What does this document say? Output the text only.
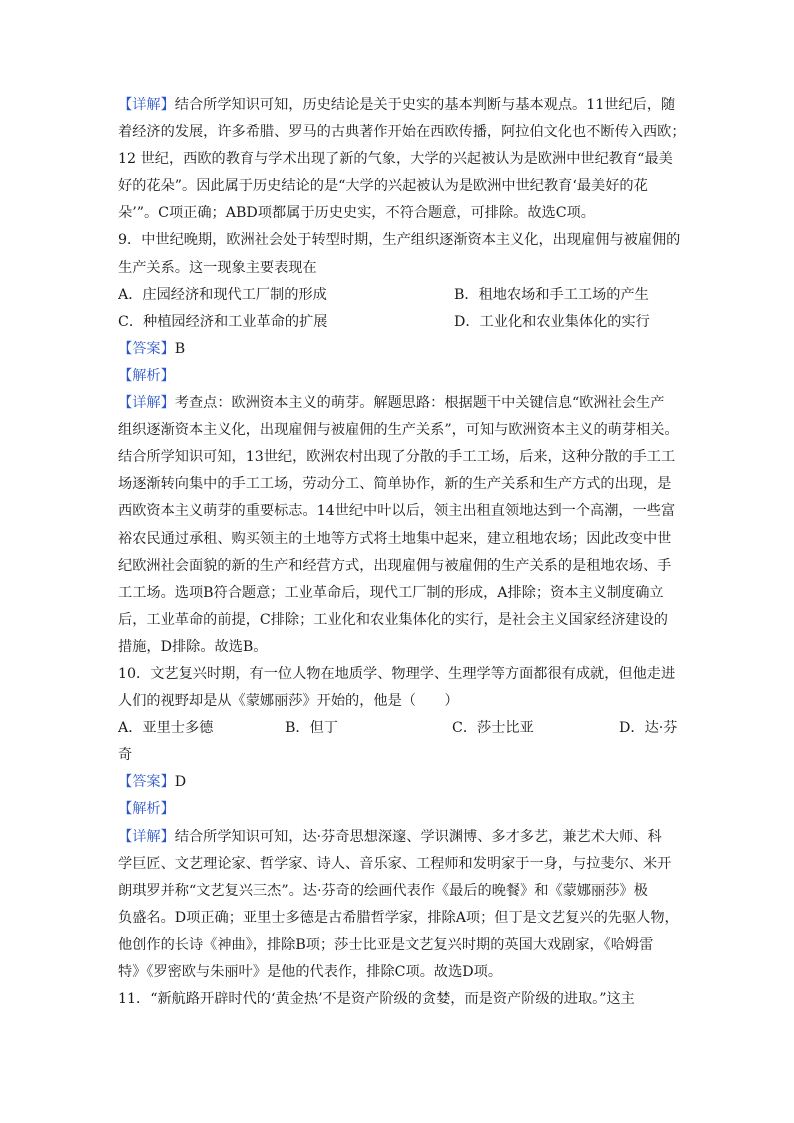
【详解】结合所学知识可知，历史结论是关于史实的基本判断与基本观点。11世纪后，随
着经济的发展，许多希腊、罗马的古典著作开始在西欧传播，阿拉伯文化也不断传入西欧；
12 世纪，西欧的教育与学术出现了新的气象，大学的兴起被认为是欧洲中世纪教育“最美
好的花朵”。因此属于历史结论的是“大学的兴起被认为是欧洲中世纪教育‘最美好的花
朵’”。C项正确；ABD项都属于历史史实，不符合题意，可排除。故选C项。
9．中世纪晚期，欧洲社会处于转型时期，生产组织逐渐资本主义化，出现雇佣与被雇佣的
生产关系。这一现象主要表现在
A．庄园经济和现代工厂制的形成	B．租地农场和手工工场的产生
C．种植园经济和工业革命的扩展	D．工业化和农业集体化的实行
【答案】B
【解析】
【详解】考查点：欧洲资本主义的萌芽。解题思路：根据题干中关键信息“欧洲社会生产
组织逐渐资本主义化，出现雇佣与被雇佣的生产关系”，可知与欧洲资本主义的萌芽相关。
结合所学知识可知，13世纪，欧洲农村出现了分散的手工工场，后来，这种分散的手工工
场逐渐转向集中的手工工场，劳动分工、简单协作，新的生产关系和生产方式的出现，是
西欧资本主义萌芽的重要标志。14世纪中叶以后，领主出租直领地达到一个高潮，一些富
裕农民通过承租、购买领主的土地等方式将土地集中起来，建立租地农场；因此改变中世
纪欧洲社会面貌的新的生产和经营方式，出现雇佣与被雇佣的生产关系的是租地农场、手
工工场。选项B符合题意；工业革命后，现代工厂制的形成，A排除；资本主义制度确立
后，工业革命的前提，C排除；工业化和农业集体化的实行，是社会主义国家经济建设的
措施，D排除。故选B。
10．文艺复兴时期，有一位人物在地质学、物理学、生理学等方面都很有成就，但他走进
人们的视野却是从《蒙娜丽莎》开始的，他是（　　）
A．亚里士多德	B．但丁	C．莎士比亚	D．达·芬
奇
【答案】D
【解析】
【详解】结合所学知识可知，达·芬奇思想深邃、学识渊博、多才多艺，兼艺术大师、科
学巨匠、文艺理论家、哲学家、诗人、音乐家、工程师和发明家于一身，与拉斐尔、米开
朗琪罗并称“文艺复兴三杰”。达·芬奇的绘画代表作《最后的晚餐》和《蒙娜丽莎》极
负盛名。D项正确；亚里士多德是古希腊哲学家，排除A项；但丁是文艺复兴的先驱人物，
他创作的长诗《神曲》，排除B项；莎士比亚是文艺复兴时期的英国大戏剧家，《哈姆雷
特》《罗密欧与朱丽叶》是他的代表作，排除C项。故选D项。
11．“新航路开辟时代的‘黄金热’不是资产阶级的贪婪，而是资产阶级的进取。”这主
